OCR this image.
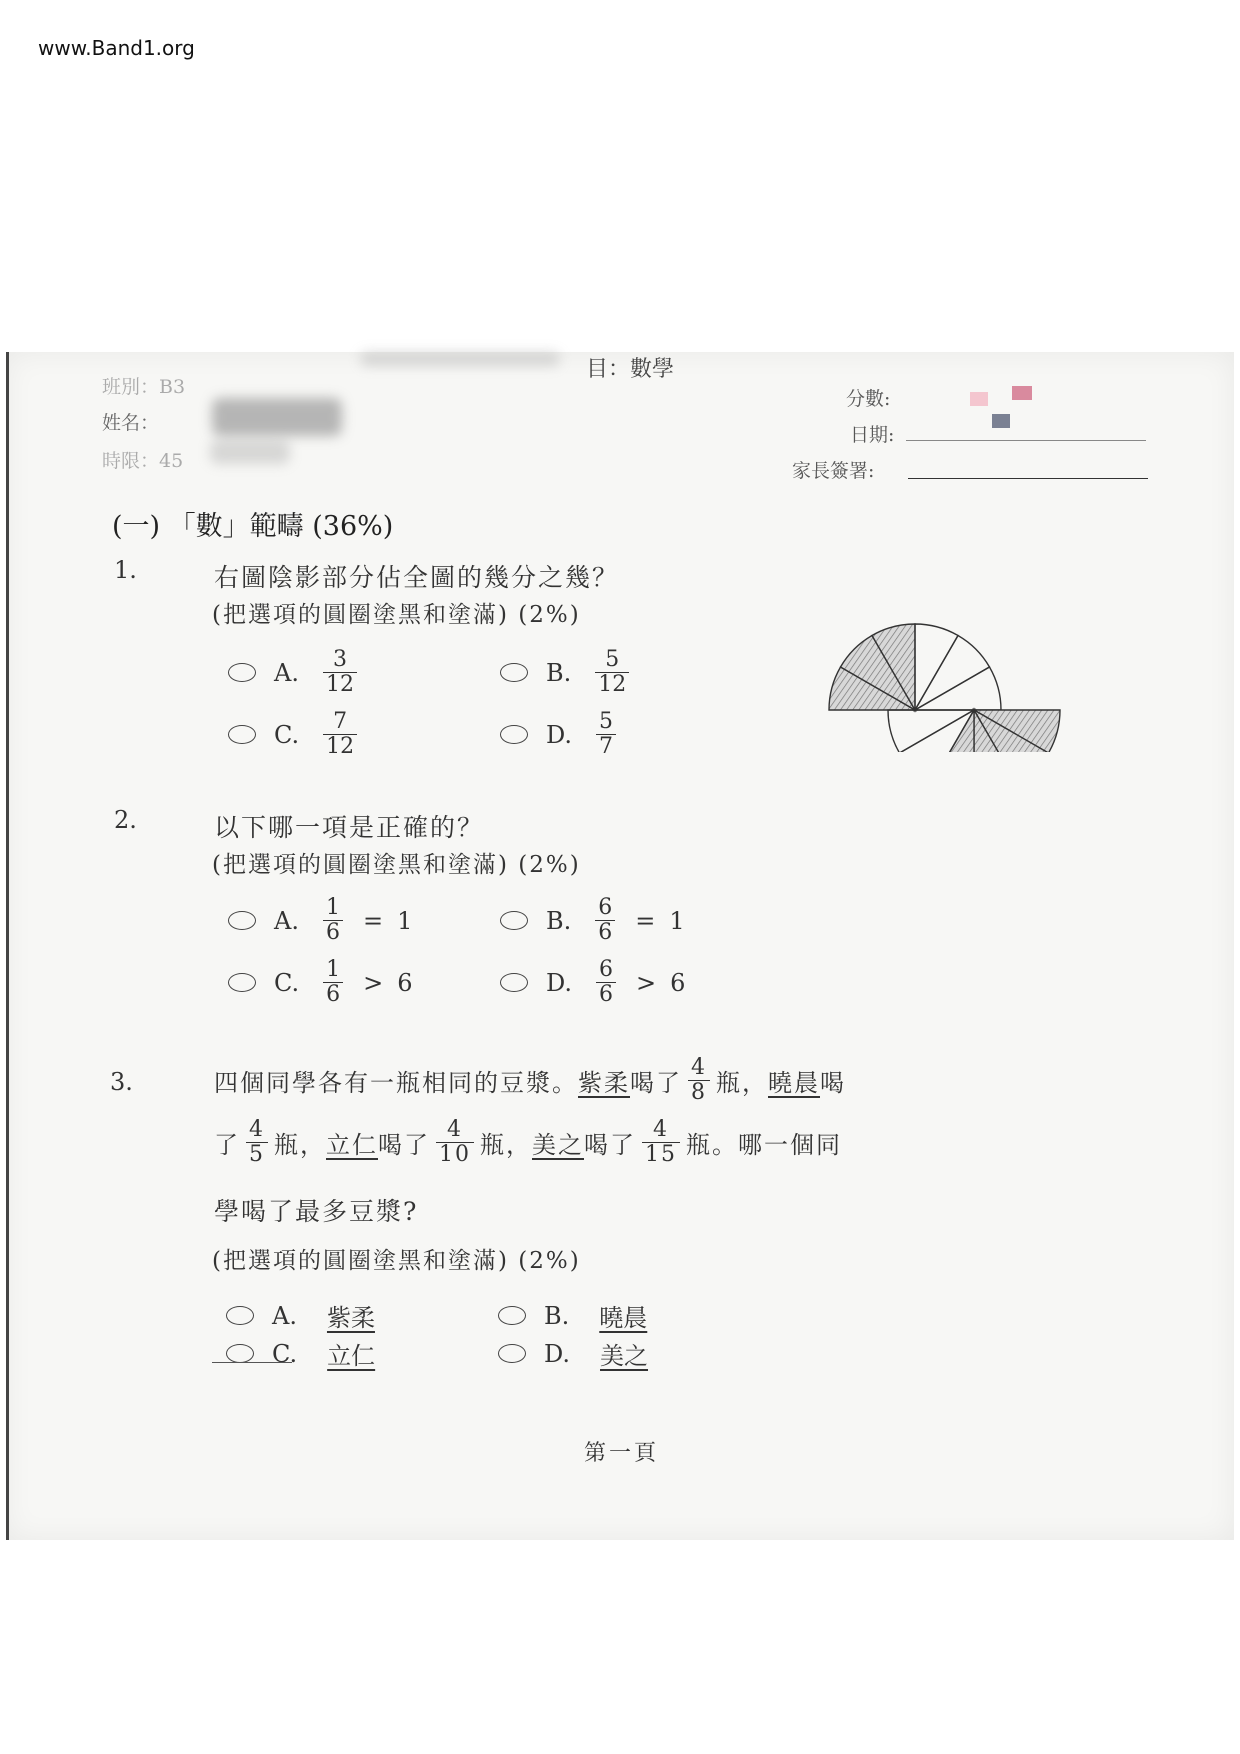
www.Band1.org
班別：B3
姓名：
時限：45
目：數學
分數:
日期:
家長簽署:
(一) 「數」範疇 (36%)
1.	右圖陰影部分佔全圖的幾分之幾？
(把選項的圓圈塗黑和塗滿) (2%)
A. $\frac{3}{12}$	B. $\frac{5}{12}$
C. $\frac{7}{12}$	D. $\frac{5}{7}$
2.	以下哪一項是正確的？
(把選項的圓圈塗黑和塗滿) (2%)
A. $\frac{1}{6} = 1$	B. $\frac{6}{6} = 1$
C. $\frac{1}{6} > 6$	D. $\frac{6}{6} > 6$
3.	四個同學各有一瓶相同的豆漿。 紫柔 喝了 $\frac{4}{8}$ 瓶， 曉晨 喝
了 $\frac{4}{5}$ 瓶， 立仁 喝了 $\frac{4}{10}$ 瓶， 美之 喝了 $\frac{4}{15}$ 瓶。哪一個同
學喝了最多豆漿?
(把選項的圓圈塗黑和塗滿) (2%)
A. 紫柔	B. 曉晨
C. 立仁	D. 美之
第一頁
